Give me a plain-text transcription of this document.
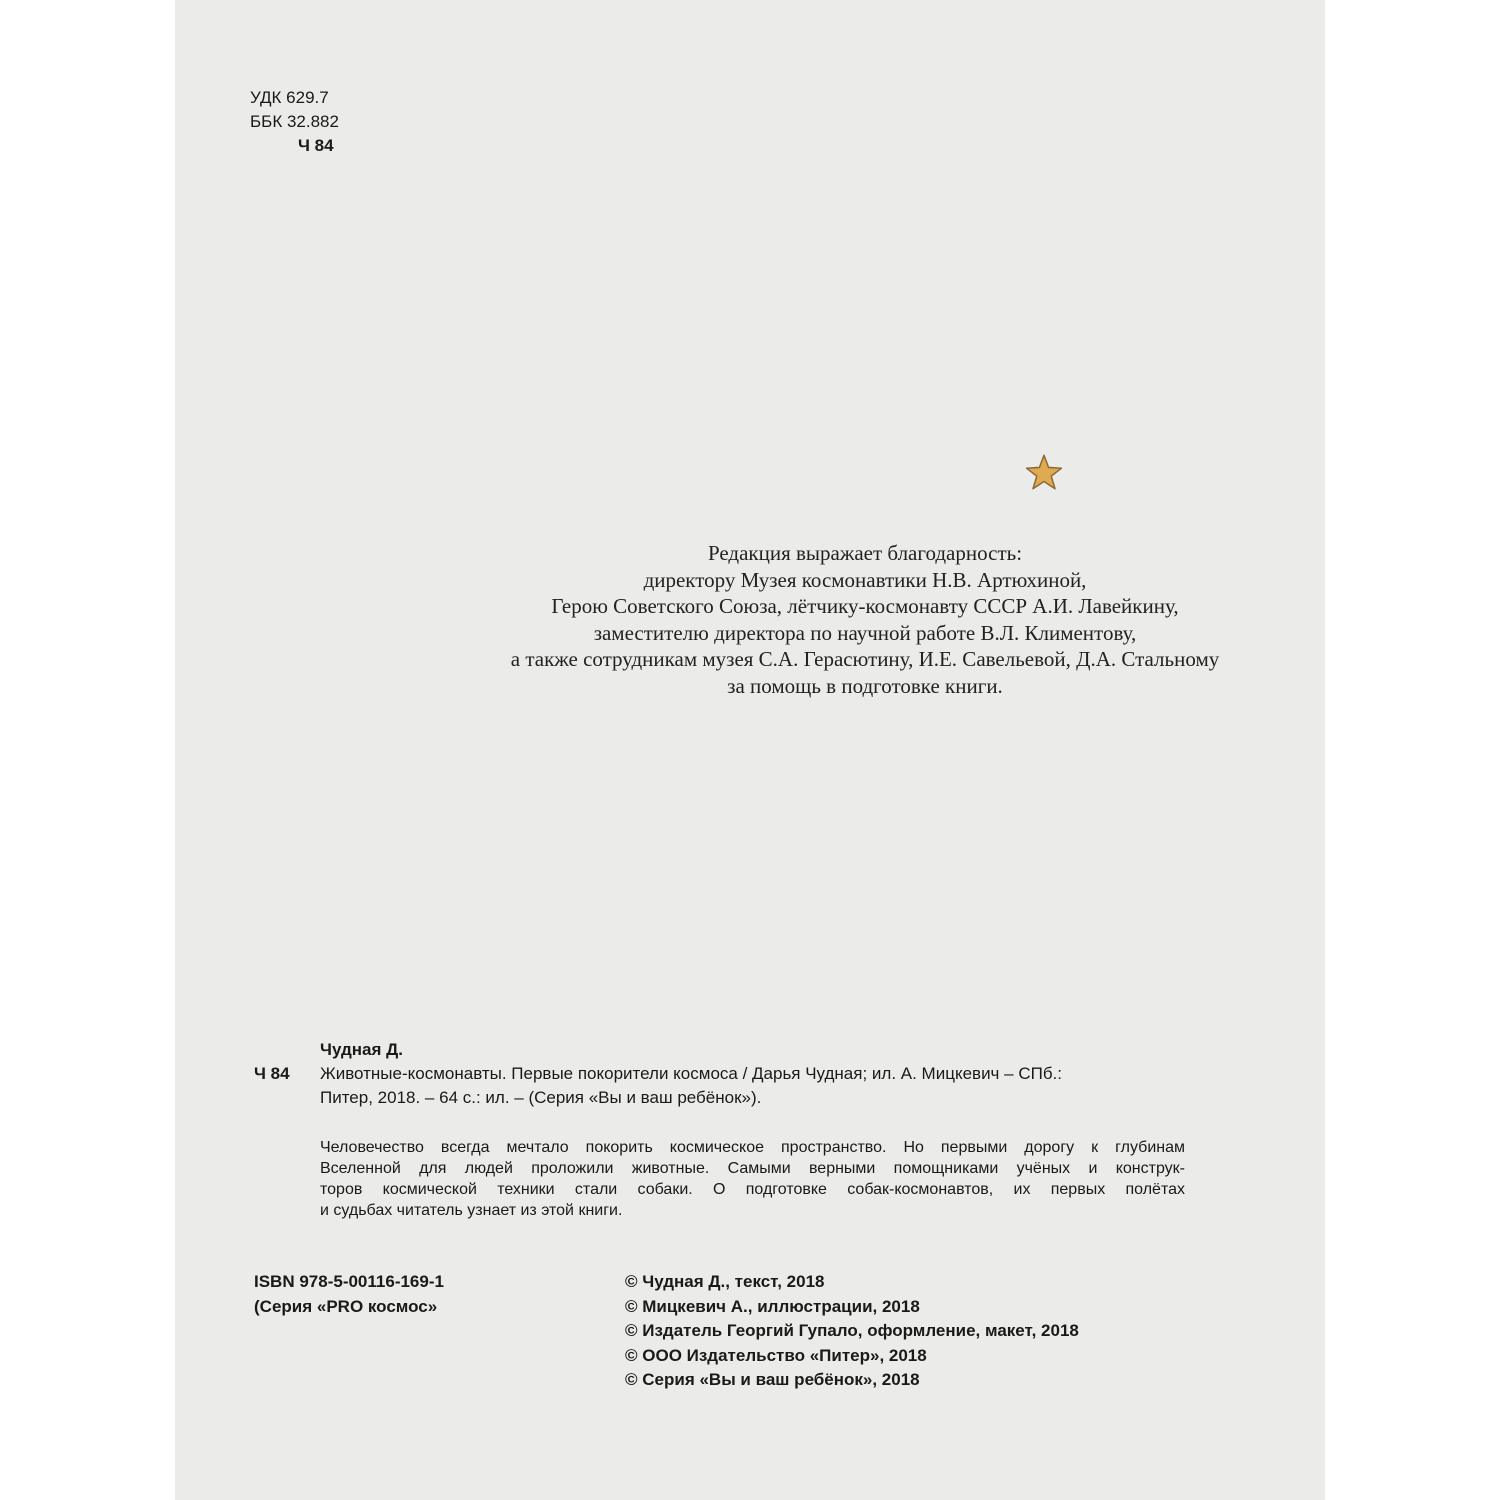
УДК 629.7
ББК 32.882
Ч 84
Редакция выражает благодарность:
директору Музея космонавтики Н.В. Артюхиной,
Герою Советского Союза, лётчику-космонавту СССР А.И. Лавейкину,
заместителю директора по научной работе В.Л. Климентову,
а также сотрудникам музея С.А. Герасютину, И.Е. Савельевой, Д.А. Стальному
за помощь в подготовке книги.
Чудная Д.
Ч 84 Животные-космонавты. Первые покорители космоса / Дарья Чудная; ил. А. Мицкевич – СПб.:
Питер, 2018. – 64 с.: ил. – (Серия «Вы и ваш ребёнок»).
Человечество всегда мечтало покорить космическое пространство. Но первыми дорогу к глубинам
Вселенной для людей проложили животные. Самыми верными помощниками учёных и конструк-
торов космической техники стали собаки. О подготовке собак-космонавтов, их первых полётах
и судьбах читатель узнает из этой книги.
ISBN 978-5-00116-169-1
(Серия «PRO космос»
© Чудная Д., текст, 2018
© Мицкевич А., иллюстрации, 2018
© Издатель Георгий Гупало, оформление, макет, 2018
© ООО Издательство «Питер», 2018
© Серия «Вы и ваш ребёнок», 2018
